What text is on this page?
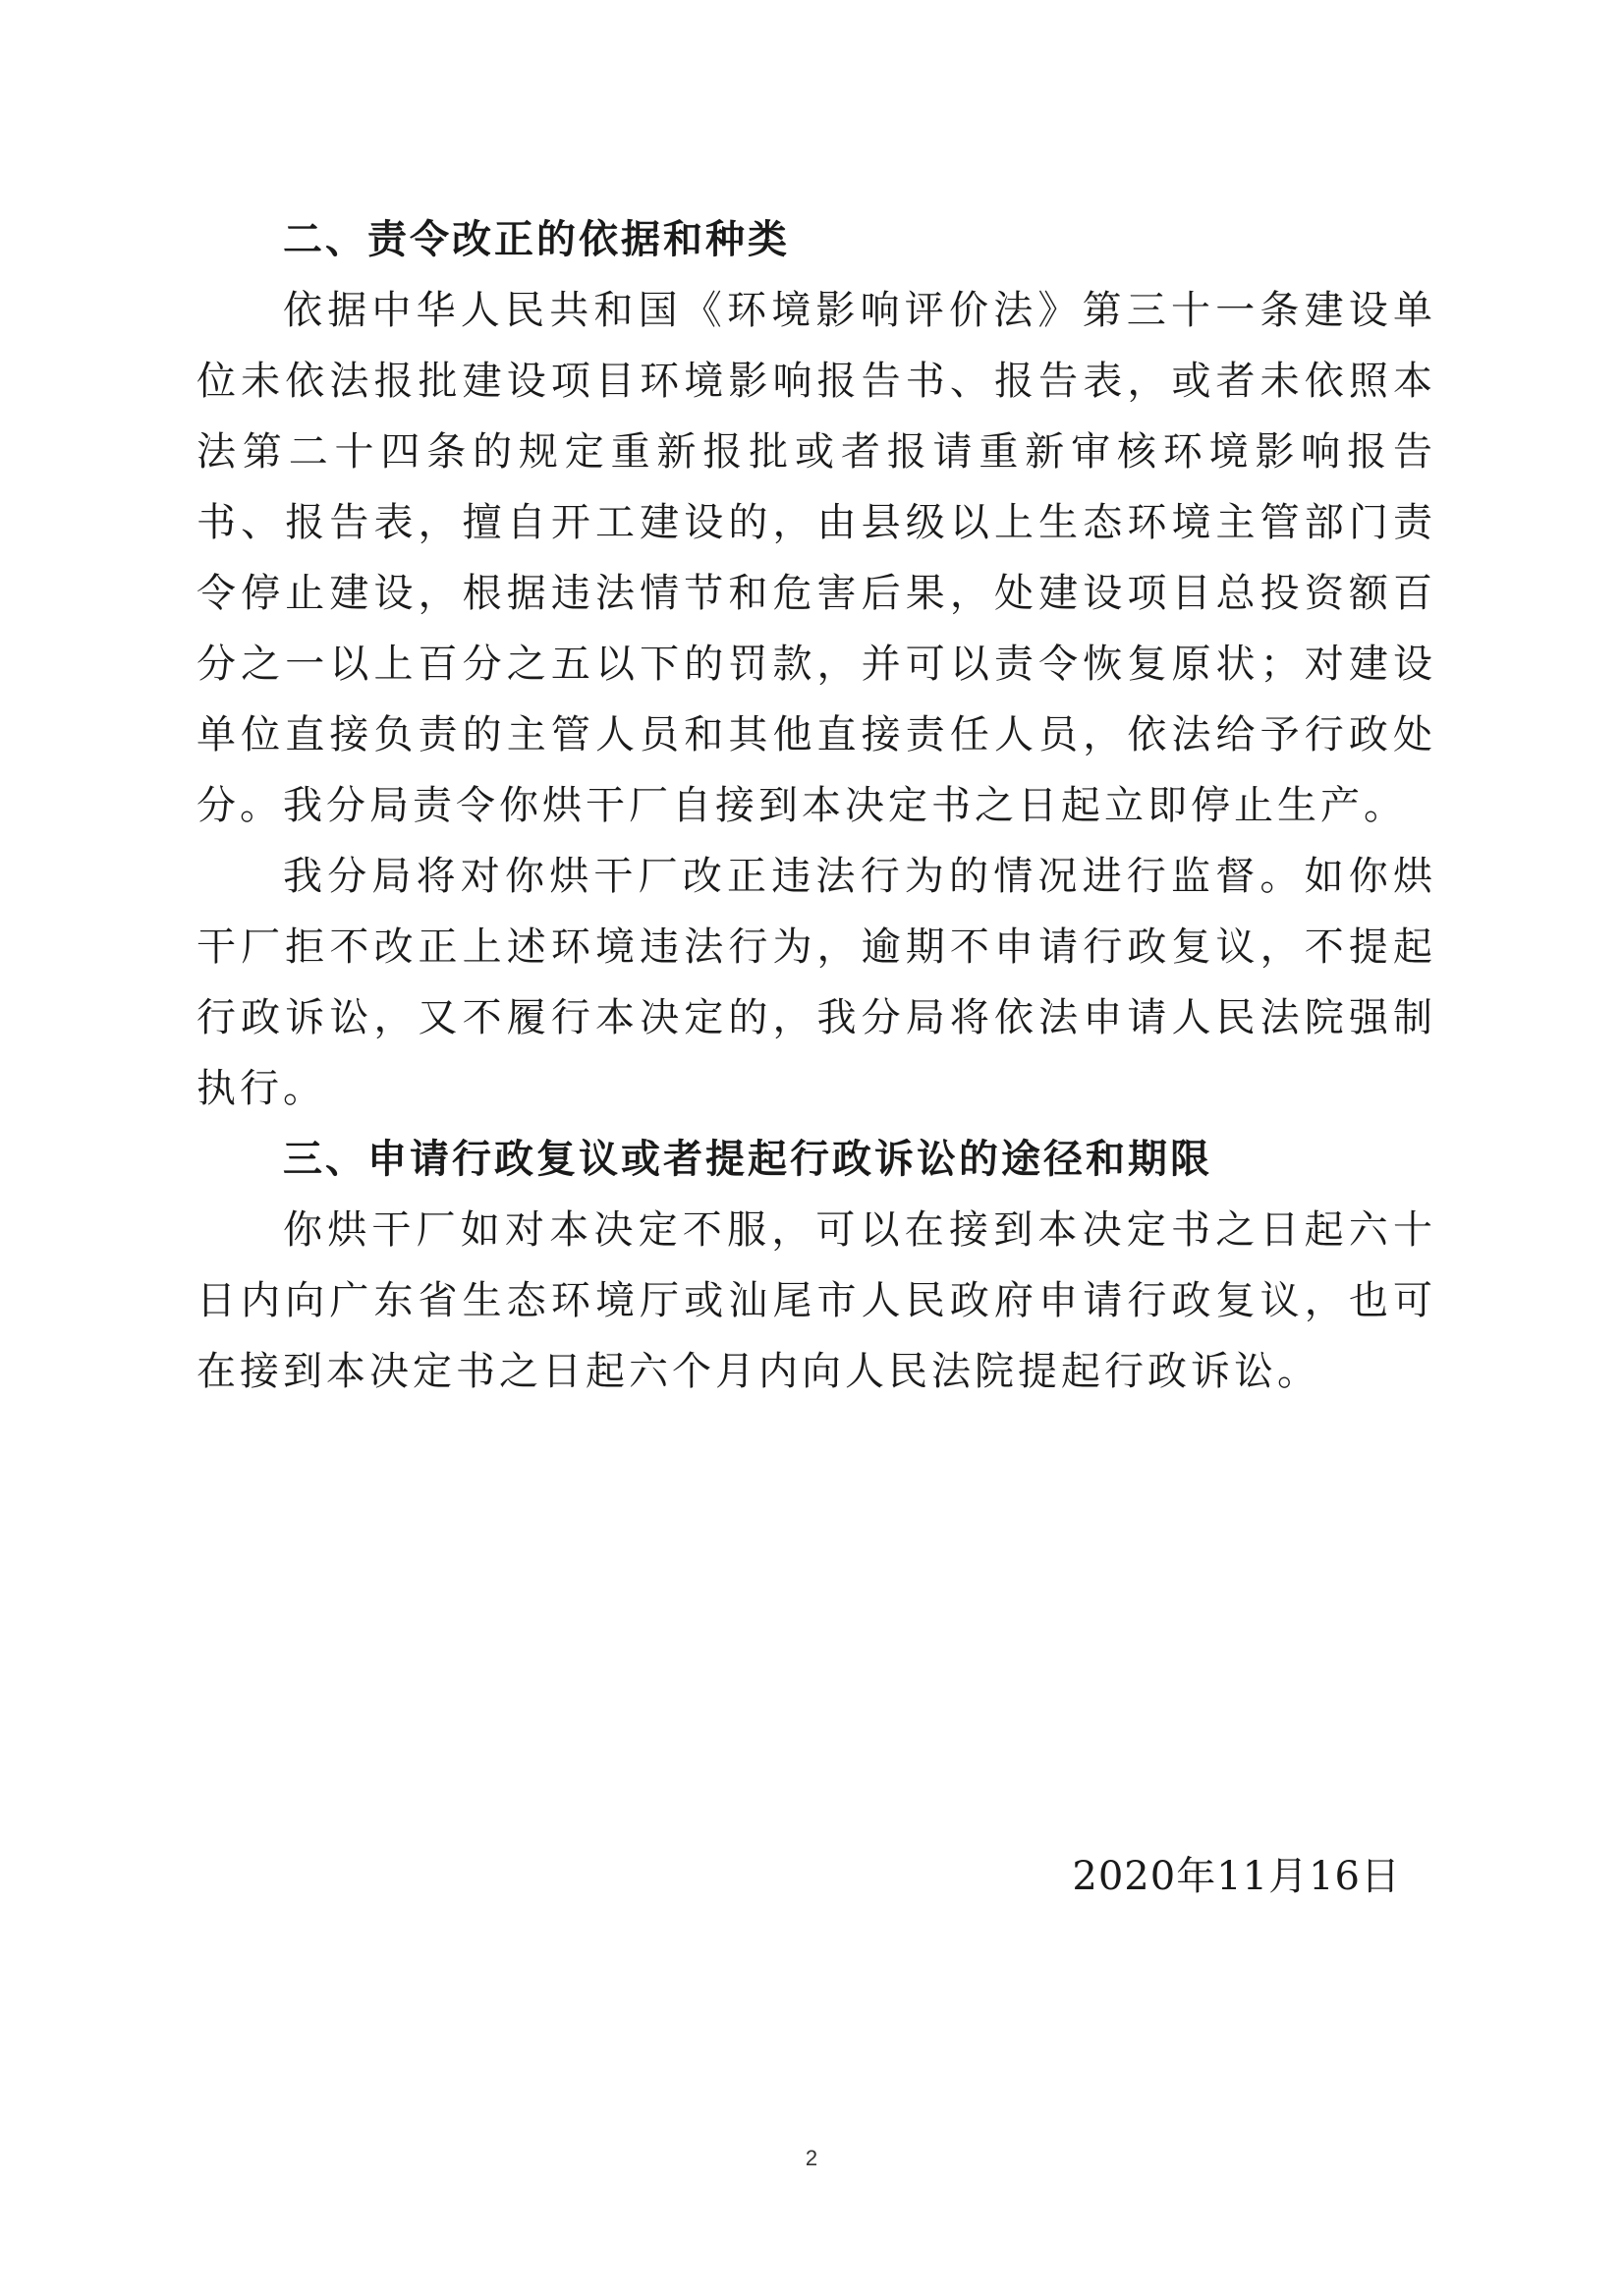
二、责令改正的依据和种类

依据中华人民共和国《环境影响评价法》第三十一条建设单位未依法报批建设项目环境影响报告书、报告表，或者未依照本法第二十四条的规定重新报批或者报请重新审核环境影响报告书、报告表，擅自开工建设的，由县级以上生态环境主管部门责令停止建设，根据违法情节和危害后果，处建设项目总投资额百分之一以上百分之五以下的罚款，并可以责令恢复原状；对建设单位直接负责的主管人员和其他直接责任人员，依法给予行政处分。我分局责令你烘干厂自接到本决定书之日起立即停止生产。

我分局将对你烘干厂改正违法行为的情况进行监督。如你烘干厂拒不改正上述环境违法行为，逾期不申请行政复议，不提起行政诉讼，又不履行本决定的，我分局将依法申请人民法院强制执行。

三、申请行政复议或者提起行政诉讼的途径和期限

你烘干厂如对本决定不服，可以在接到本决定书之日起六十日内向广东省生态环境厅或汕尾市人民政府申请行政复议，也可在接到本决定书之日起六个月内向人民法院提起行政诉讼。

2020年11月16日
2
